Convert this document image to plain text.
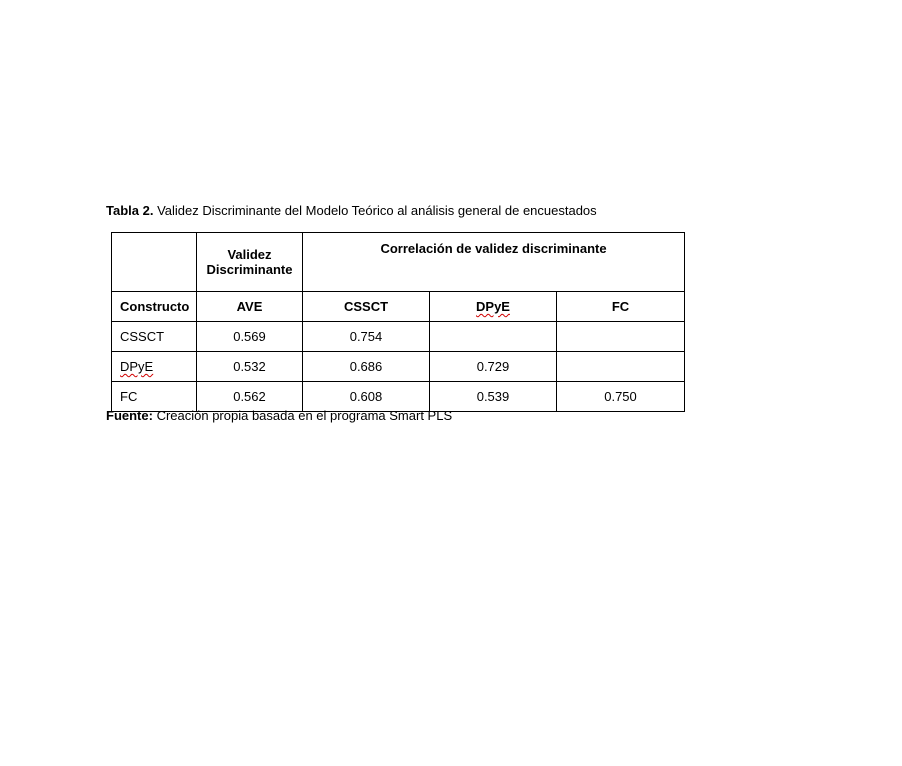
Tabla 2. Validez Discriminante del Modelo Teórico al análisis general de encuestados
	Validez Discriminante	Correlación de validez discriminante		
Constructo	AVE	CSSCT	DPyE	FC
CSSCT	0.569	0.754		
DPyE	0.532	0.686	0.729	
FC	0.562	0.608	0.539	0.750
Fuente: Creación propia basada en el programa Smart PLS
